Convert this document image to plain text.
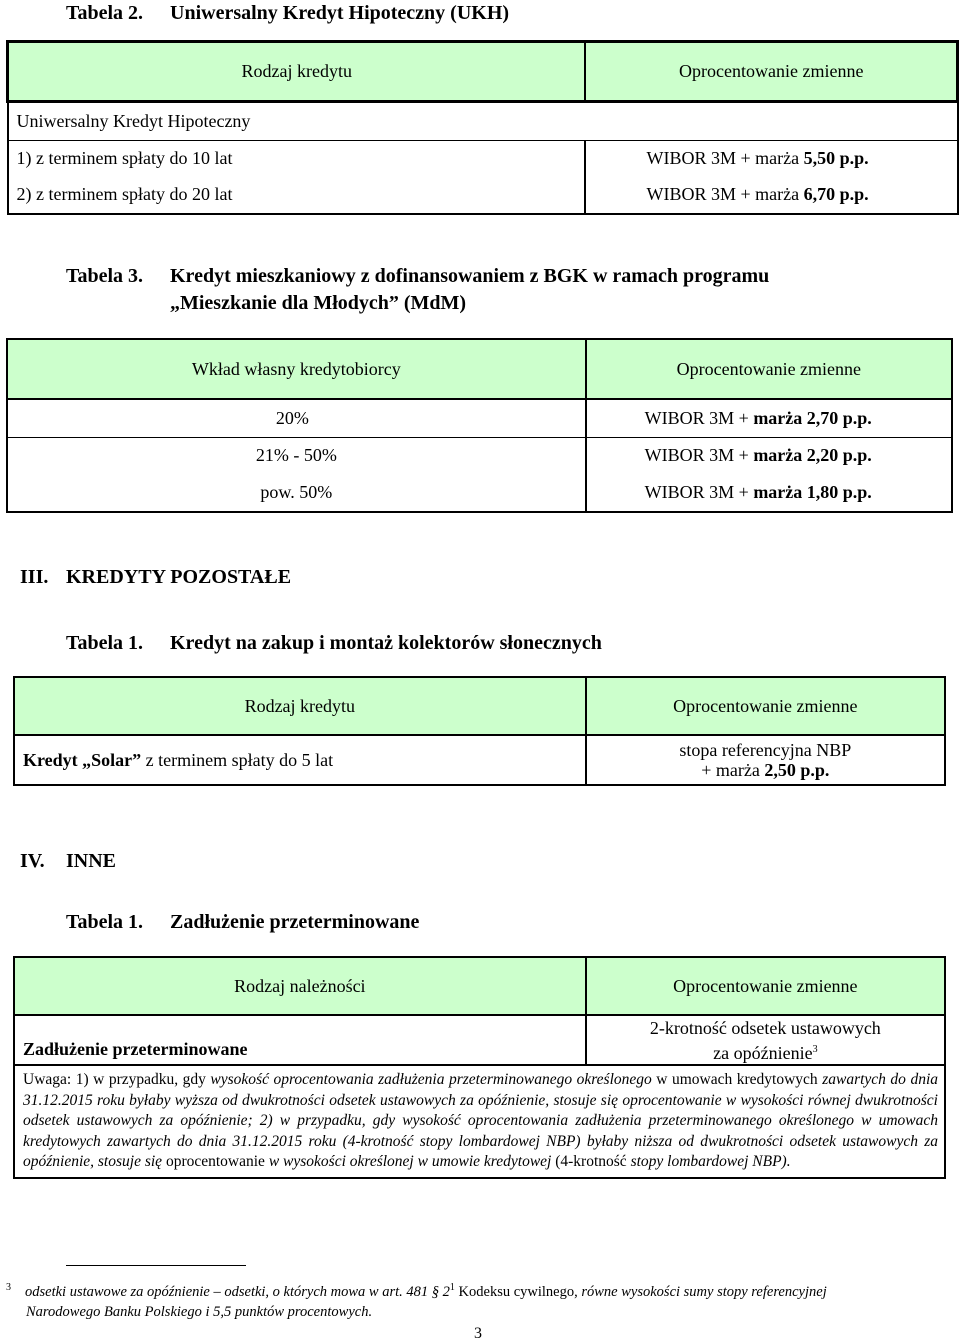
Tabela 2. Uniwersalny Kredyt Hipoteczny (UKH)
Rodzaj kredytu	Oprocentowanie zmienne
Uniwersalny Kredyt Hipoteczny	
1) z terminem spłaty do 10 lat	WIBOR 3M + marża 5,50 p.p.
2) z terminem spłaty do 20 lat	WIBOR 3M + marża 6,70 p.p.
Tabela 3. Kredyt mieszkaniowy z dofinansowaniem z BGK w ramach programu
„Mieszkanie dla Młodych” (MdM)
Wkład własny kredytobiorcy	Oprocentowanie zmienne
20%	WIBOR 3M + marża 2,70 p.p.
21% - 50%	WIBOR 3M + marża 2,20 p.p.
pow. 50%	WIBOR 3M + marża 1,80 p.p.
III. KREDYTY POZOSTAŁE
Tabela 1. Kredyt na zakup i montaż kolektorów słonecznych
Rodzaj kredytu	Oprocentowanie zmienne
Kredyt „Solar” z terminem spłaty do 5 lat	stopa referencyjna NBP
+ marża 2,50 p.p.
IV. INNE
Tabela 1. Zadłużenie przeterminowane
Rodzaj należności	Oprocentowanie zmienne
Zadłużenie przeterminowane	2-krotność odsetek ustawowych
za opóźnienie$^3$

Uwaga: 1) w przypadku, gdy wysokość oprocentowania zadłużenia przeterminowanego określonego w umowach kredytowych zawartych do dnia 31.12.2015 roku byłaby wyższa od dwukrotności odsetek ustawowych za opóźnienie, stosuje się oprocentowanie w wysokości równej dwukrotności odsetek ustawowych za opóźnienie; 2) w przypadku, gdy wysokość oprocentowania zadłużenia przeterminowanego określonego w umowach kredytowych zawartych do dnia 31.12.2015 roku (4-krotność stopy lombardowej NBP) byłaby niższa od dwukrotności odsetek ustawowych za opóźnienie, stosuje się oprocentowanie w wysokości określonej w umowie kredytowej (4-krotność stopy lombardowej NBP).	
$^3$ odsetki ustawowe za opóźnienie – odsetki, o których mowa w art. 481 § $2^1$ Kodeksu cywilnego, równe wysokości sumy stopy referencyjnej
Narodowego Banku Polskiego i 5,5 punktów procentowych.
3
